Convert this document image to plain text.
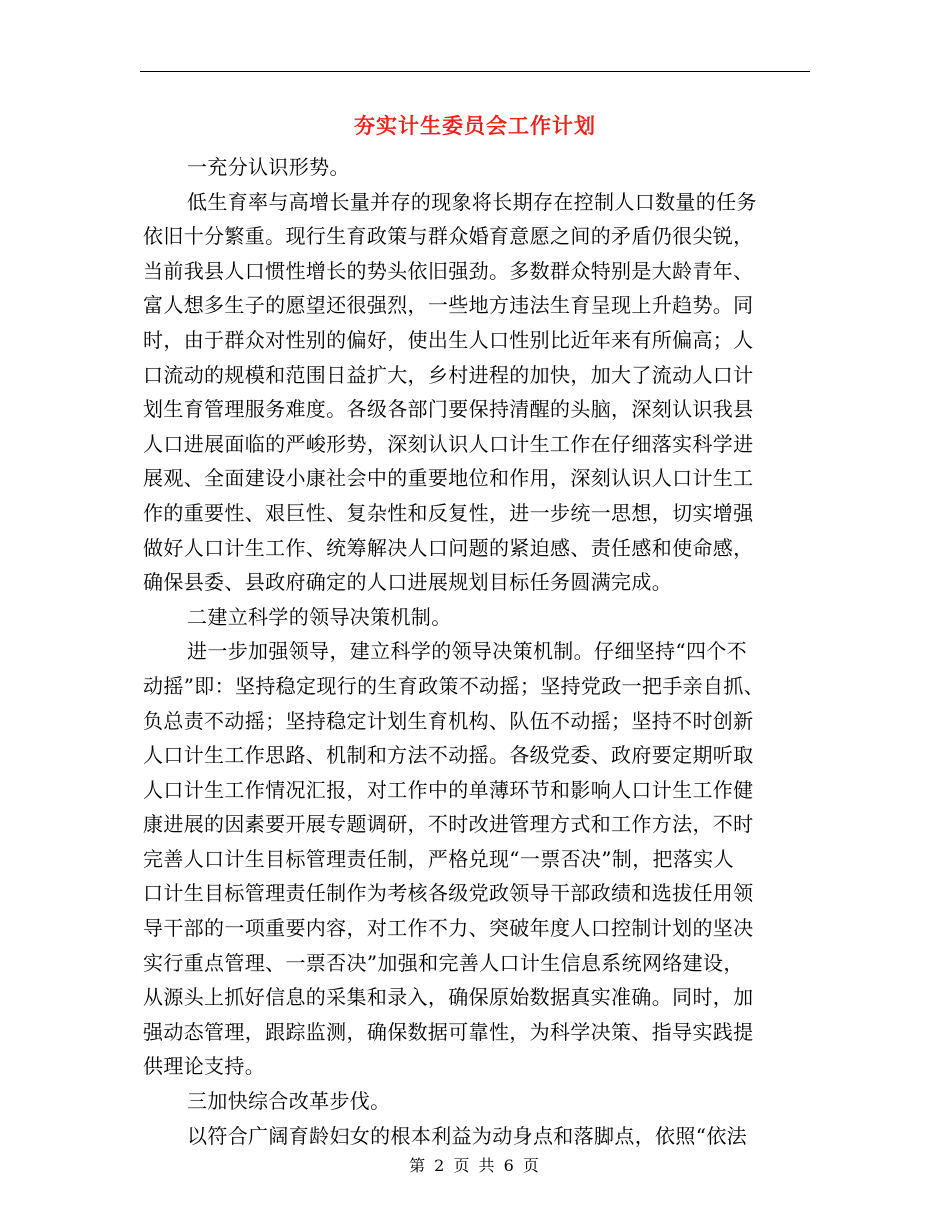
夯实计生委员会工作计划
一充分认识形势。
低生育率与高增长量并存的现象将长期存在控制人口数量的任务
依旧十分繁重。现行生育政策与群众婚育意愿之间的矛盾仍很尖锐，
当前我县人口惯性增长的势头依旧强劲。多数群众特别是大龄青年、
富人想多生子的愿望还很强烈，一些地方违法生育呈现上升趋势。同
时，由于群众对性别的偏好，使出生人口性别比近年来有所偏高；人
口流动的规模和范围日益扩大，乡村进程的加快，加大了流动人口计
划生育管理服务难度。各级各部门要保持清醒的头脑，深刻认识我县
人口进展面临的严峻形势，深刻认识人口计生工作在仔细落实科学进
展观、全面建设小康社会中的重要地位和作用，深刻认识人口计生工
作的重要性、艰巨性、复杂性和反复性，进一步统一思想，切实增强
做好人口计生工作、统筹解决人口问题的紧迫感、责任感和使命感，
确保县委、县政府确定的人口进展规划目标任务圆满完成。
二建立科学的领导决策机制。
进一步加强领导，建立科学的领导决策机制。仔细坚持“四个不
动摇”即：坚持稳定现行的生育政策不动摇；坚持党政一把手亲自抓、
负总责不动摇；坚持稳定计划生育机构、队伍不动摇；坚持不时创新
人口计生工作思路、机制和方法不动摇。各级党委、政府要定期听取
人口计生工作情况汇报，对工作中的单薄环节和影响人口计生工作健
康进展的因素要开展专题调研，不时改进管理方式和工作方法，不时
完善人口计生目标管理责任制，严格兑现“一票否决”制，把落实人
口计生目标管理责任制作为考核各级党政领导干部政绩和选拔任用领
导干部的一项重要内容，对工作不力、突破年度人口控制计划的坚决
实行重点管理、一票否决”加强和完善人口计生信息系统网络建设，
从源头上抓好信息的采集和录入，确保原始数据真实准确。同时，加
强动态管理，跟踪监测，确保数据可靠性，为科学决策、指导实践提
供理论支持。
三加快综合改革步伐。
以符合广阔育龄妇女的根本利益为动身点和落脚点，依照“依法
第 2 页 共 6 页
